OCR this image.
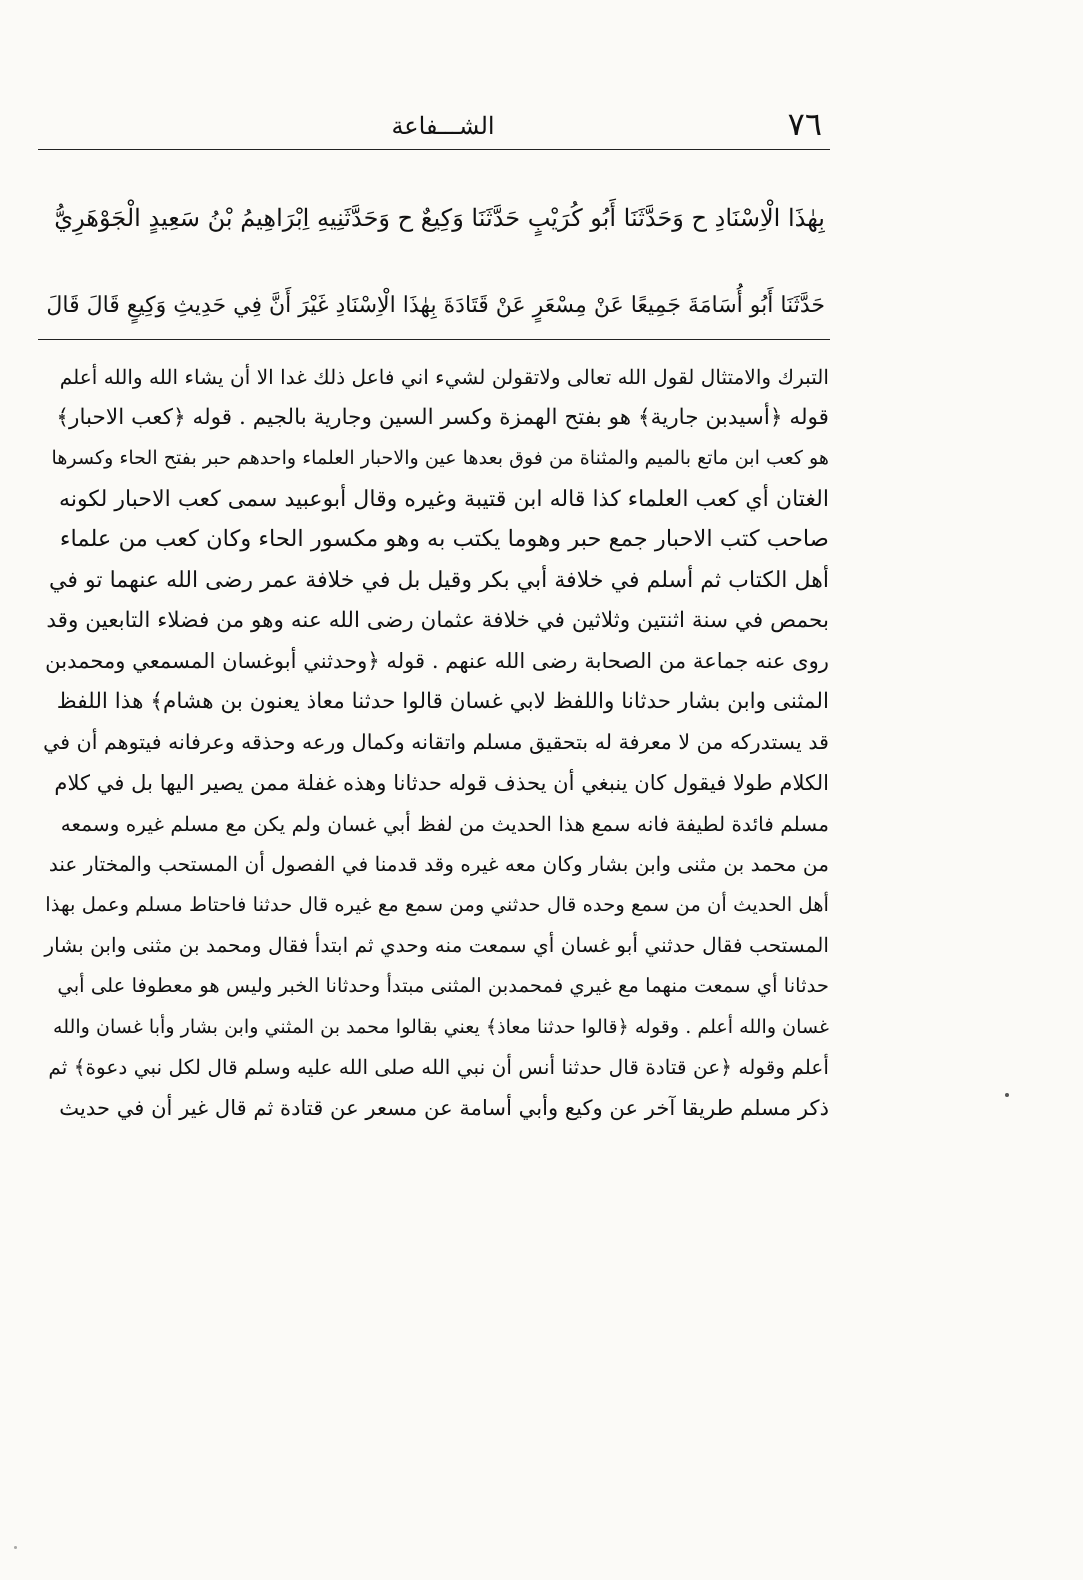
الشـــفاعة	٧٦
بِهٰذَا الْاِسْنَادِ ح وَحَدَّثَنَا أَبُو كُرَيْبٍ حَدَّثَنَا وَكِيعٌ ح وَحَدَّثَنِيهِ اِبْرَاهِيمُ بْنُ سَعِيدٍ الْجَوْهَرِيُّ
حَدَّثَنَا أَبُو أُسَامَةَ جَمِيعًا عَنْ مِسْعَرٍ عَنْ قَتَادَةَ بِهٰذَا الْاِسْنَادِ غَيْرَ أَنَّ فِي حَدِيثِ وَكِيعٍ قَالَ قَالَ
التبرك والامتثال لقول الله تعالى ولاتقولن لشيء اني فاعل ذلك غدا الا أن يشاء الله والله أعلم
قوله ﴿أسيدبن جارية﴾ هو بفتح الهمزة وكسر السين وجارية بالجيم . قوله ﴿كعب الاحبار﴾
هو كعب ابن ماتع بالميم والمثناة من فوق بعدها عين والاحبار العلماء واحدهم حبر بفتح الحاء وكسرها
الغتان أي كعب العلماء كذا قاله ابن قتيبة وغيره وقال أبوعبيد سمى كعب الاحبار لكونه
صاحب كتب الاحبار جمع حبر وهوما يكتب به وهو مكسور الحاء وكان كعب من علماء
أهل الكتاب ثم أسلم في خلافة أبي بكر وقيل بل في خلافة عمر رضى الله عنهما تو في
بحمص في سنة اثنتين وثلاثين في خلافة عثمان رضى الله عنه وهو من فضلاء التابعين وقد
روى عنه جماعة من الصحابة رضى الله عنهم . قوله ﴿وحدثني أبوغسان المسمعي ومحمدبن
المثنى وابن بشار حدثانا واللفظ لابي غسان قالوا حدثنا معاذ يعنون بن هشام﴾ هذا اللفظ
قد يستدركه من لا معرفة له بتحقيق مسلم واتقانه وكمال ورعه وحذقه وعرفانه فيتوهم أن في
الكلام طولا فيقول كان ينبغي أن يحذف قوله حدثانا وهذه غفلة ممن يصير اليها بل في كلام
مسلم فائدة لطيفة فانه سمع هذا الحديث من لفظ أبي غسان ولم يكن مع مسلم غيره وسمعه
من محمد بن مثنى وابن بشار وكان معه غيره وقد قدمنا في الفصول أن المستحب والمختار عند
أهل الحديث أن من سمع وحده قال حدثني ومن سمع مع غيره قال حدثنا فاحتاط مسلم وعمل بهذا
المستحب فقال حدثني أبو غسان أي سمعت منه وحدي ثم ابتدأ فقال ومحمد بن مثنى وابن بشار
حدثانا أي سمعت منهما مع غيري فمحمدبن المثنى مبتدأ وحدثانا الخبر وليس هو معطوفا على أبي
غسان والله أعلم . وقوله ﴿قالوا حدثنا معاذ﴾ يعني بقالوا محمد بن المثني وابن بشار وأبا غسان والله
أعلم وقوله ﴿عن قتادة قال حدثنا أنس أن نبي الله صلى الله عليه وسلم قال لكل نبي دعوة﴾ ثم
ذكر مسلم طريقا آخر عن وكيع وأبي أسامة عن مسعر عن قتادة ثم قال غير أن في حديث
